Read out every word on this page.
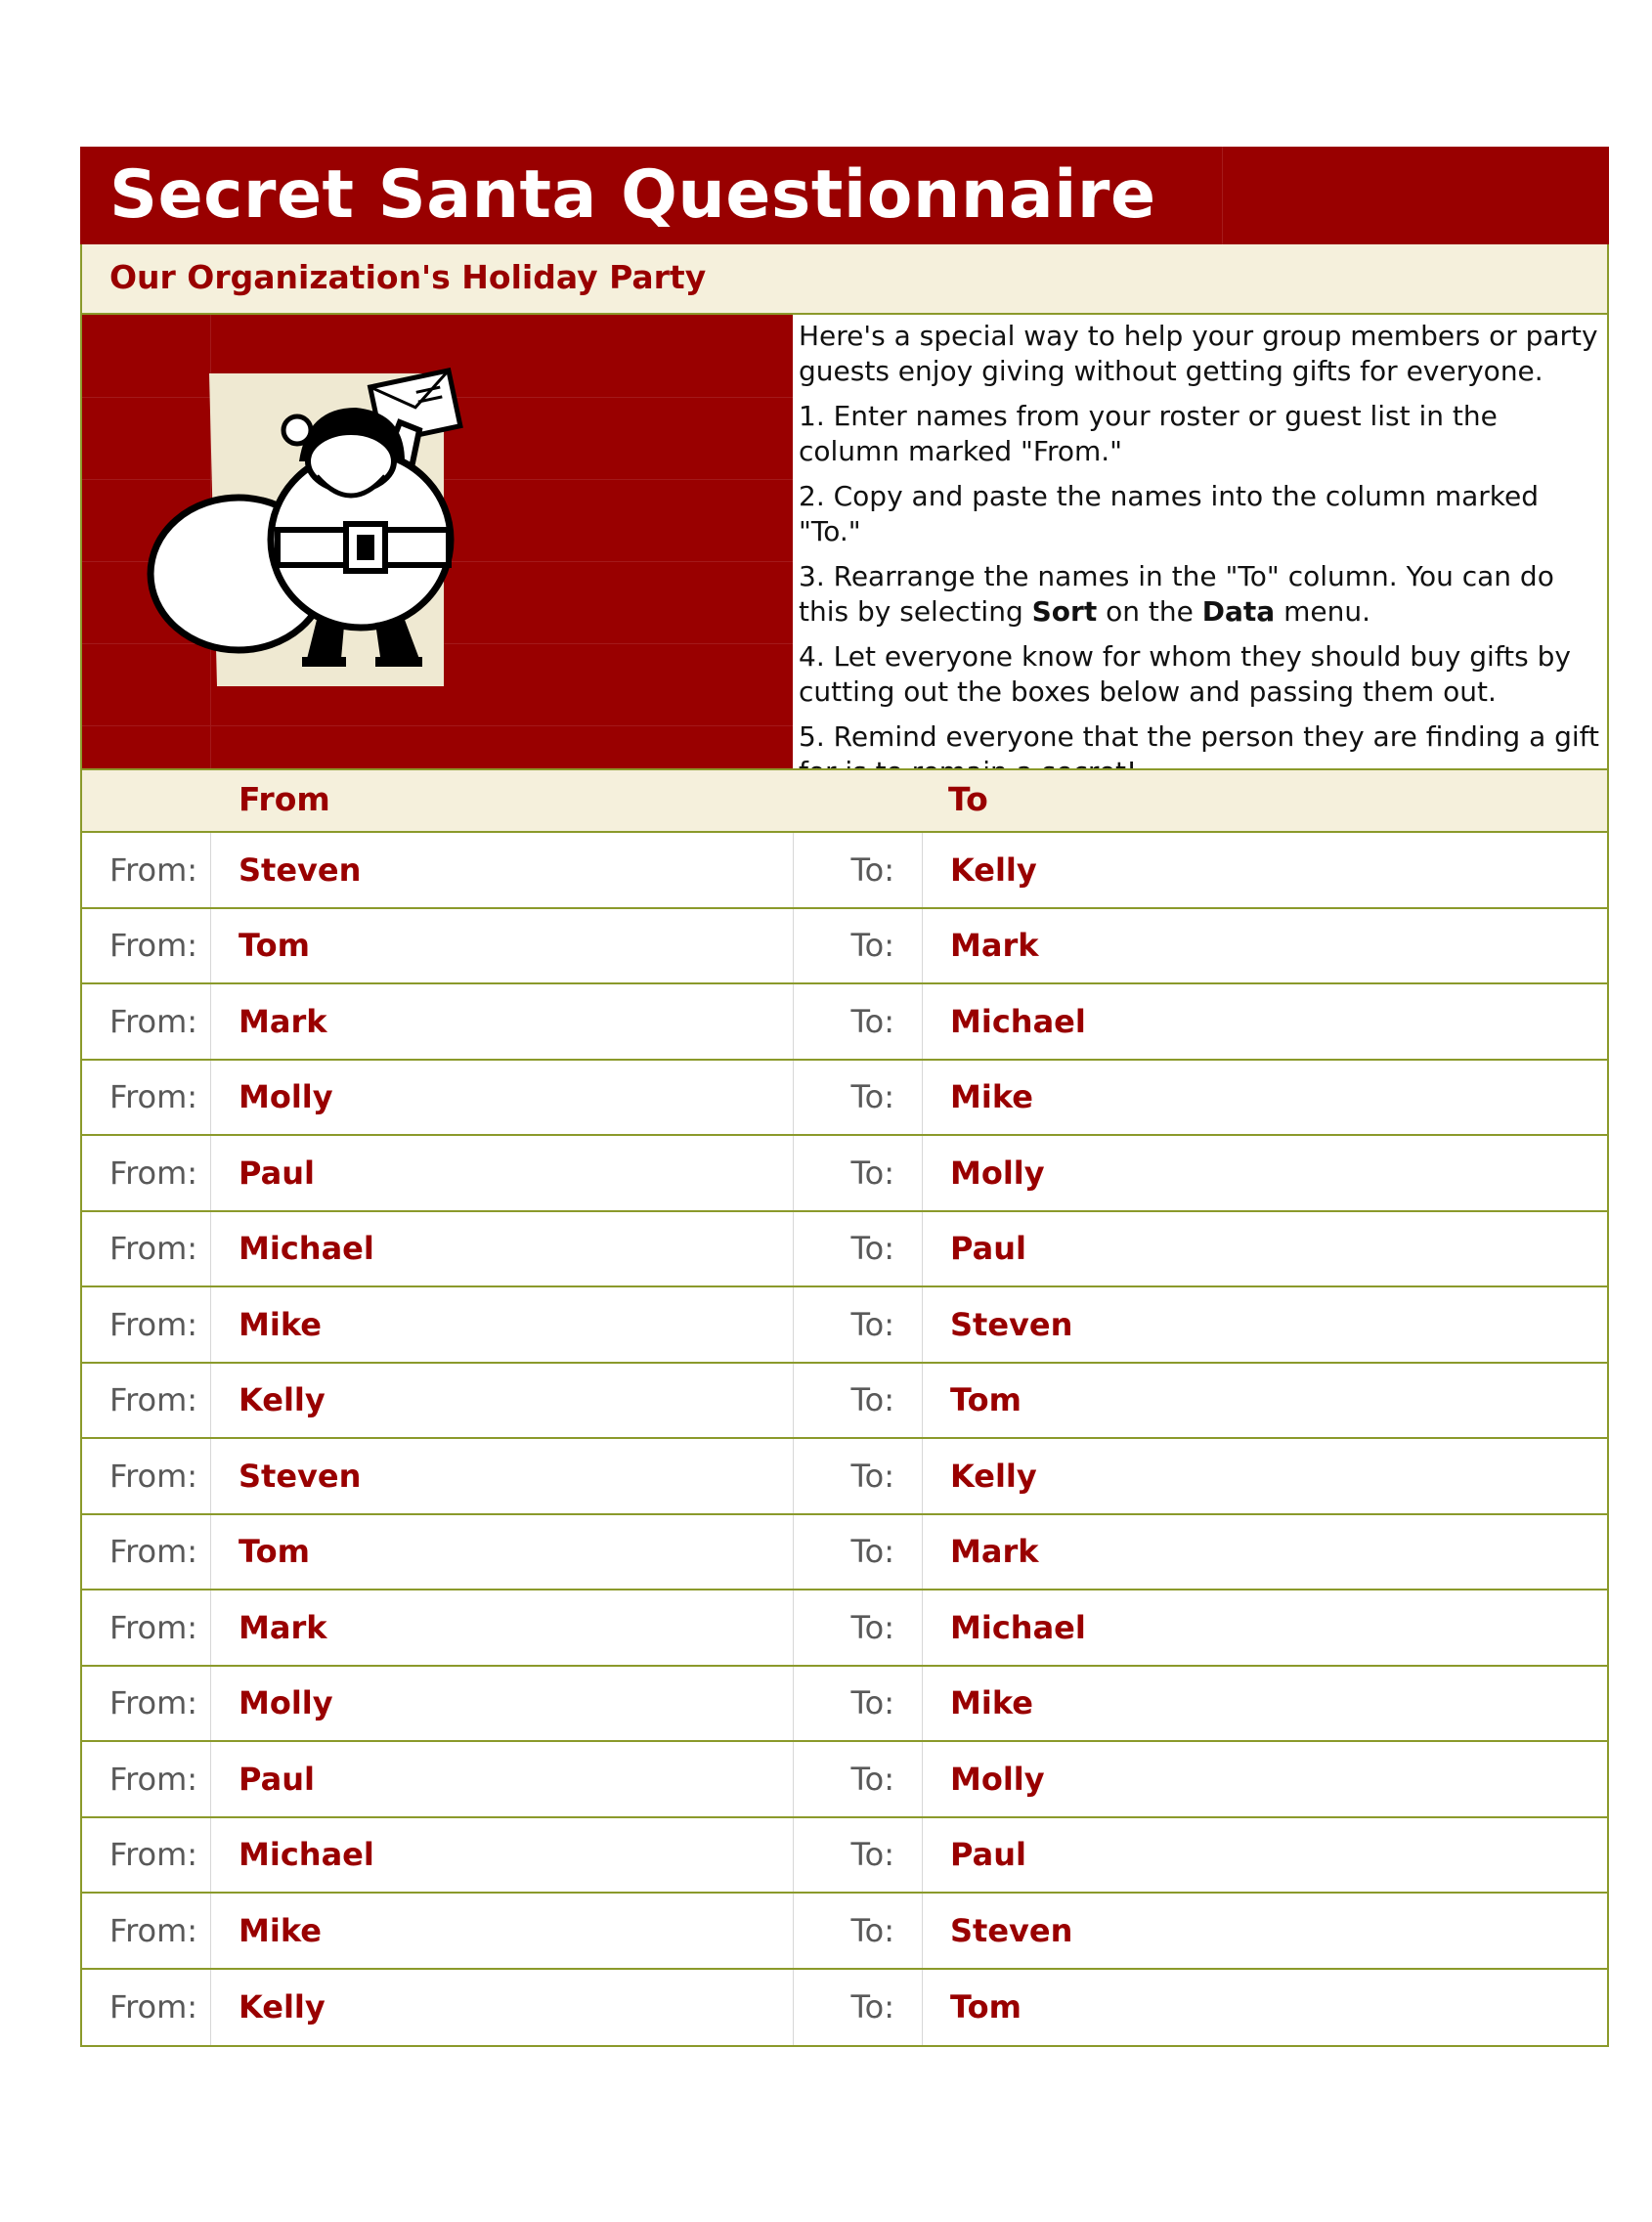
Secret Santa Questionnaire
Our Organization's Holiday Party

Here's a special way to help your group members or party guests enjoy giving without getting gifts for everyone.

1. Enter names from your roster or guest list in the column marked "From."

2. Copy and paste the names into the column marked "To."

3. Rearrange the names in the "To" column. You can do this by selecting Sort on the Data menu.

4. Let everyone know for whom they should buy gifts by cutting out the boxes below and passing them out.

5. Remind everyone that the person they are finding a gift

From	To
From:	Steven	To:	Kelly
From:	Tom	To:	Mark
From:	Mark	To:	Michael
From:	Molly	To:	Mike
From:	Paul	To:	Molly
From:	Michael	To:	Paul
From:	Mike	To:	Steven
From:	Kelly	To:	Tom
From:	Steven	To:	Kelly
From:	Tom	To:	Mark
From:	Mark	To:	Michael
From:	Molly	To:	Mike
From:	Paul	To:	Molly
From:	Michael	To:	Paul
From:	Mike	To:	Steven
From:	Kelly	To:	Tom
